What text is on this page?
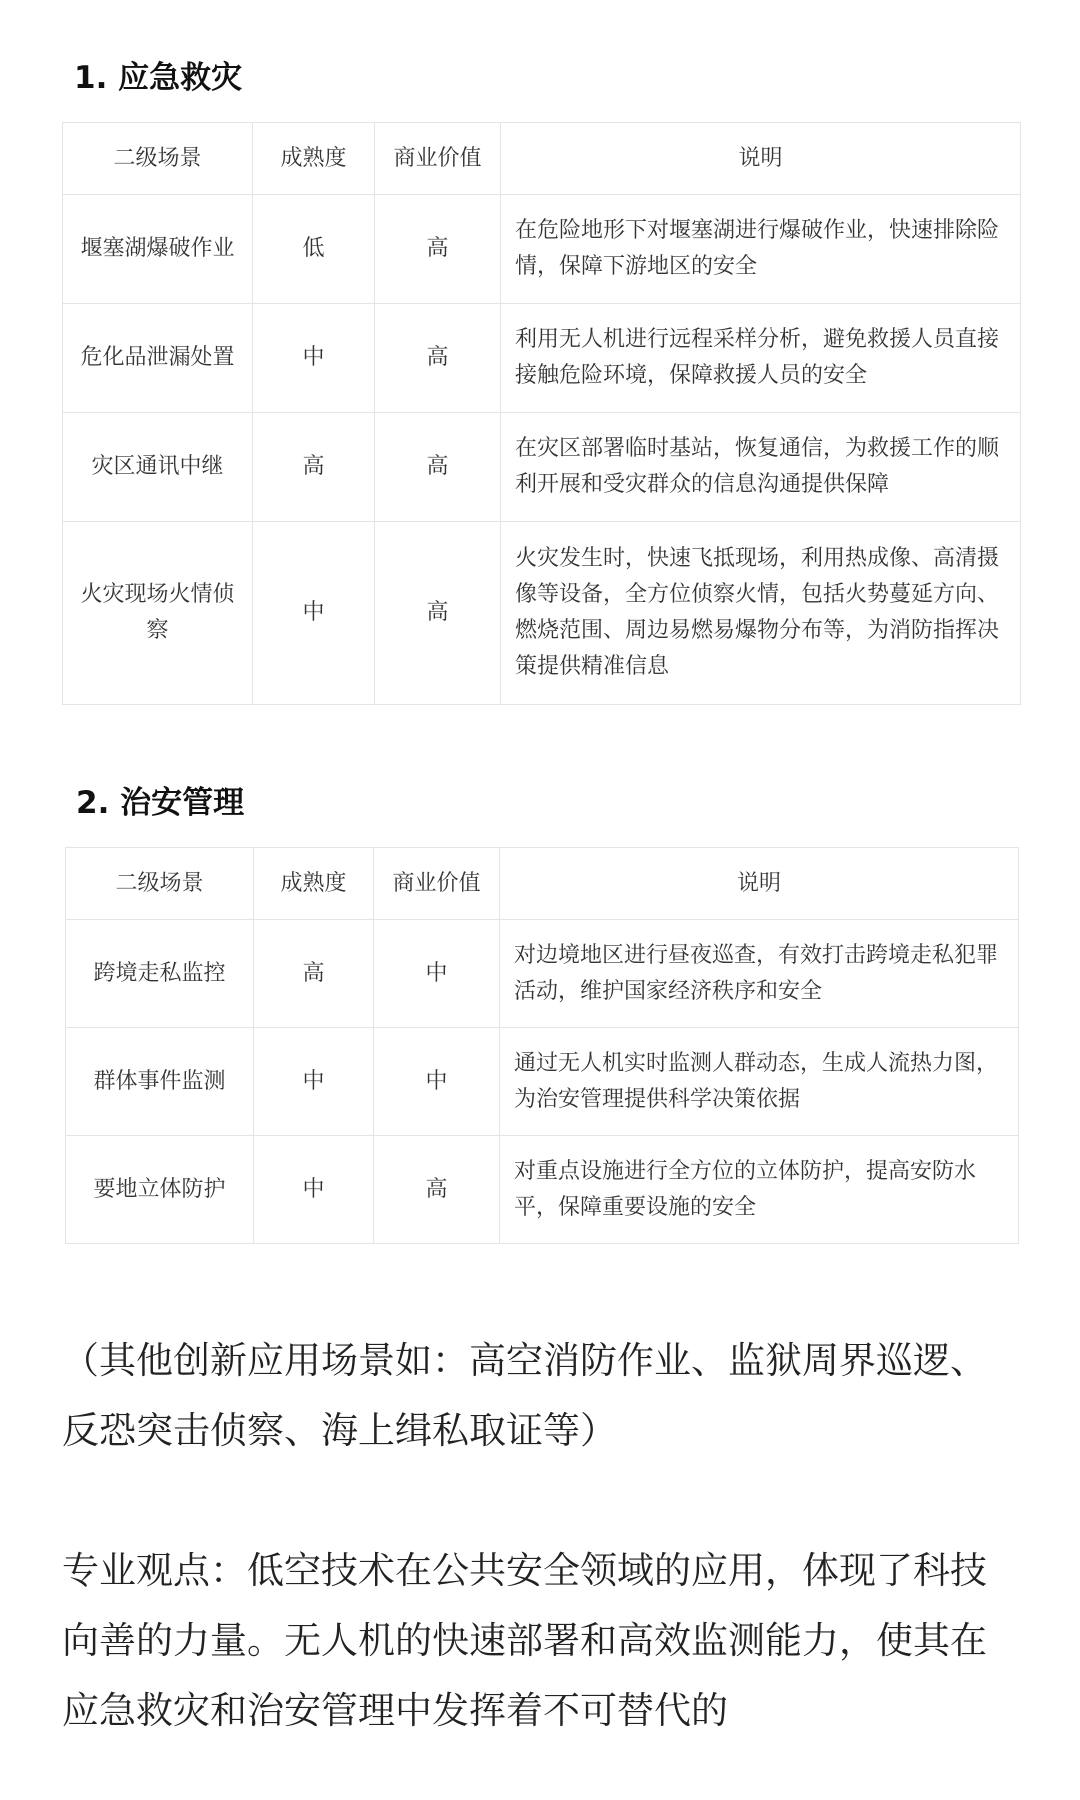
1. 应急救灾
二级场景	成熟度	商业价值	说明
堰塞湖爆破作业	低	高	在危险地形下对堰塞湖进行爆破作业，快速排除险情，保障下游地区的安全
危化品泄漏处置	中	高	利用无人机进行远程采样分析，避免救援人员直接接触危险环境，保障救援人员的安全
灾区通讯中继	高	高	在灾区部署临时基站，恢复通信，为救援工作的顺利开展和受灾群众的信息沟通提供保障
火灾现场火情侦察	中	高	火灾发生时，快速飞抵现场，利用热成像、高清摄像等设备，全方位侦察火情，包括火势蔓延方向、燃烧范围、周边易燃易爆物分布等，为消防指挥决策提供精准信息
2. 治安管理
二级场景	成熟度	商业价值	说明
跨境走私监控	高	中	对边境地区进行昼夜巡查，有效打击跨境走私犯罪活动，维护国家经济秩序和安全
群体事件监测	中	中	通过无人机实时监测人群动态，生成人流热力图，为治安管理提供科学决策依据
要地立体防护	中	高	对重点设施进行全方位的立体防护，提高安防水平，保障重要设施的安全

（其他创新应用场景如：高空消防作业、监狱周界巡逻、反恐突击侦察、海上缉私取证等）

专业观点：低空技术在公共安全领域的应用，体现了科技向善的力量。无人机的快速部署和高效监测能力，使其在应急救灾和治安管理中发挥着不可替代的
